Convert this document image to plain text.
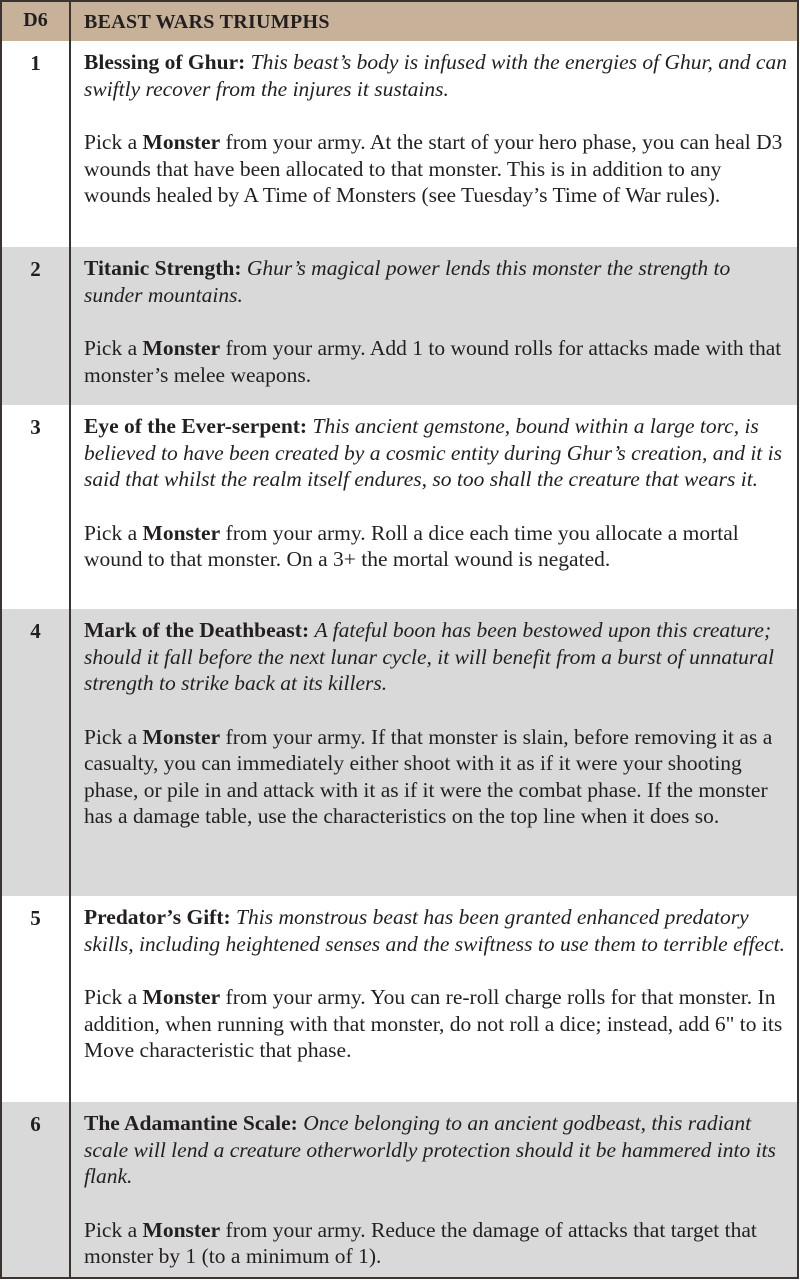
D6	BEAST WARS TRIUMPHS
1	Blessing of Ghur: This beast’s body is infused with the energies of Ghur, and can swiftly recover from the injures it sustains.

Pick a Monster from your army. At the start of your hero phase, you can heal D3 wounds that have been allocated to that monster. This is in addition to any wounds healed by A Time of Monsters (see Tuesday’s Time of War rules).

2	Titanic Strength: Ghur’s magical power lends this monster the strength to sunder mountains.

Pick a Monster from your army. Add 1 to wound rolls for attacks made with that monster’s melee weapons.

3	Eye of the Ever-serpent: This ancient gemstone, bound within a large torc, is believed to have been created by a cosmic entity during Ghur’s creation, and it is said that whilst the realm itself endures, so too shall the creature that wears it.

Pick a Monster from your army. Roll a dice each time you allocate a mortal wound to that monster. On a 3+ the mortal wound is negated.

4	Mark of the Deathbeast: A fateful boon has been bestowed upon this creature; should it fall before the next lunar cycle, it will benefit from a burst of unnatural strength to strike back at its killers.

Pick a Monster from your army. If that monster is slain, before removing it as a casualty, you can immediately either shoot with it as if it were your shooting phase, or pile in and attack with it as if it were the combat phase. If the monster has a damage table, use the characteristics on the top line when it does so.

5	Predator’s Gift: This monstrous beast has been granted enhanced predatory skills, including heightened senses and the swiftness to use them to terrible effect.

Pick a Monster from your army. You can re-roll charge rolls for that monster. In addition, when running with that monster, do not roll a dice; instead, add 6" to its Move characteristic that phase.

6	The Adamantine Scale: Once belonging to an ancient godbeast, this radiant scale will lend a creature otherworldly protection should it be hammered into its flank.

Pick a Monster from your army. Reduce the damage of attacks that target that monster by 1 (to a minimum of 1).
